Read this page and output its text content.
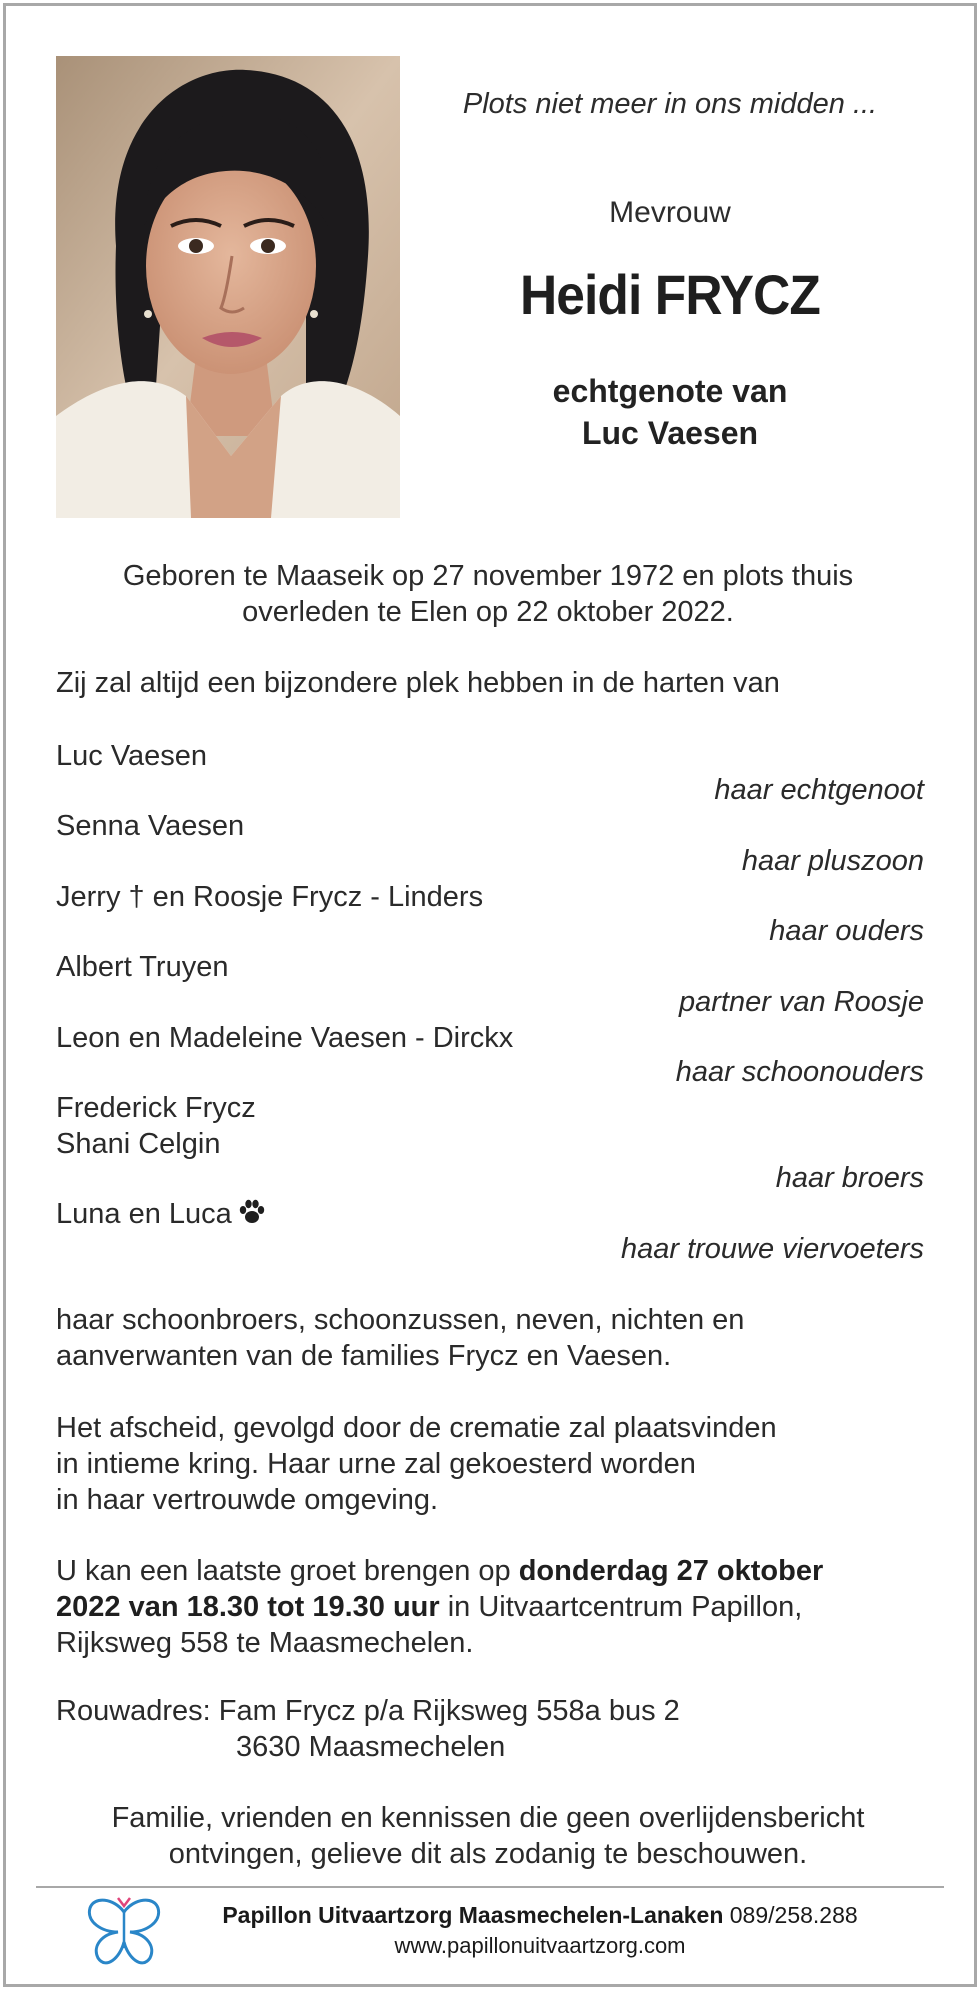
Plots niet meer in ons midden ...
Mevrouw
Heidi FRYCZ
echtgenote van
Luc Vaesen
Geboren te Maaseik op 27 november 1972 en plots thuis
overleden te Elen op 22 oktober 2022.
Zij zal altijd een bijzondere plek hebben in de harten van
Luc Vaesen
haar echtgenoot
Senna Vaesen
haar pluszoon
Jerry † en Roosje Frycz - Linders
haar ouders
Albert Truyen
partner van Roosje
Leon en Madeleine Vaesen - Dirckx
haar schoonouders
Frederick Frycz
Shani Celgin
haar broers
Luna en Luca
haar trouwe viervoeters
haar schoonbroers, schoonzussen, neven, nichten en
aanverwanten van de families Frycz en Vaesen.
Het afscheid, gevolgd door de crematie zal plaatsvinden
in intieme kring. Haar urne zal gekoesterd worden
in haar vertrouwde omgeving.
U kan een laatste groet brengen op donderdag 27 oktober
2022 van 18.30 tot 19.30 uur in Uitvaartcentrum Papillon,
Rijksweg 558 te Maasmechelen.
Rouwadres: Fam Frycz p/a Rijksweg 558a bus 2
3630 Maasmechelen
Familie, vrienden en kennissen die geen overlijdensbericht
ontvingen, gelieve dit als zodanig te beschouwen.
Papillon Uitvaartzorg Maasmechelen-Lanaken 089/258.288
www.papillonuitvaartzorg.com
